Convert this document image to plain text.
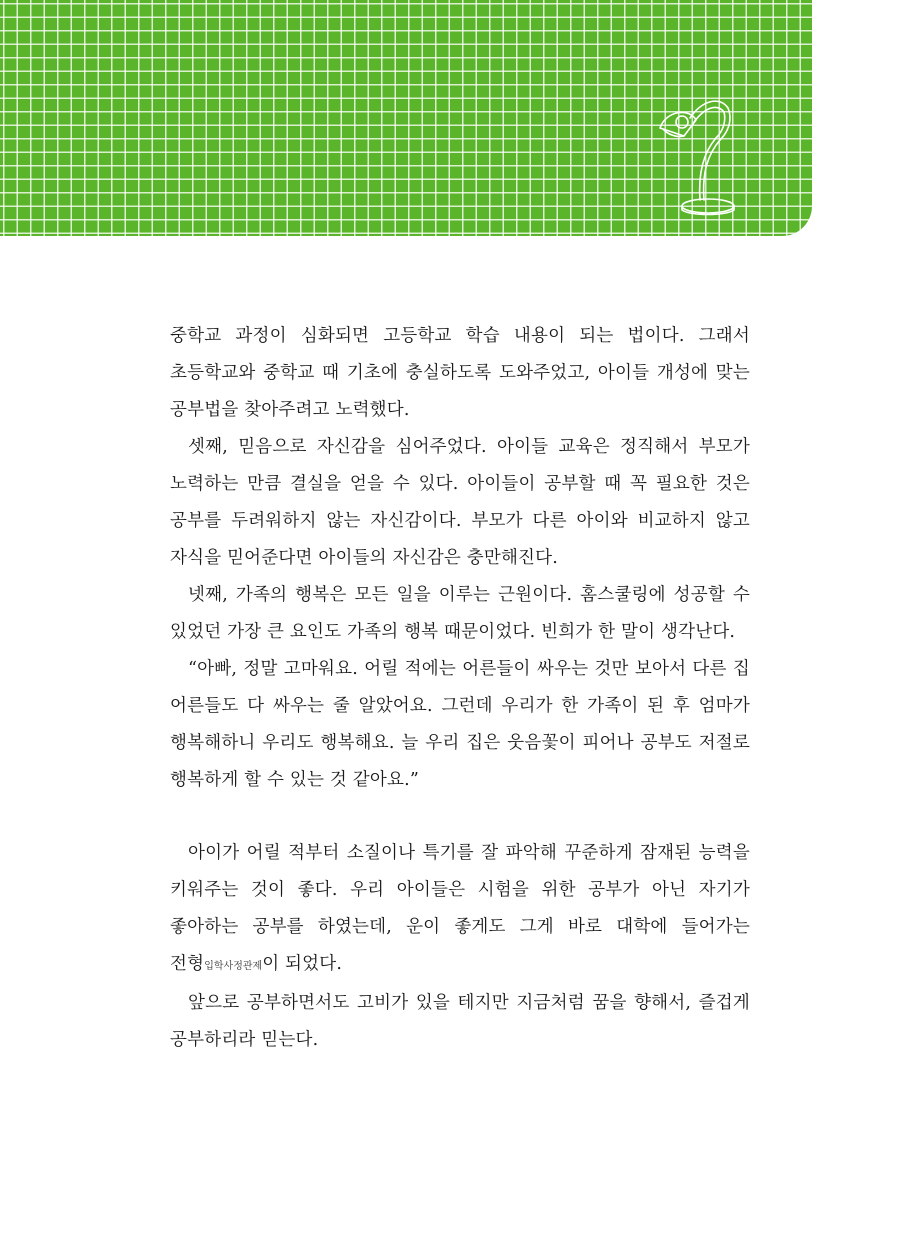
중학교 과정이 심화되면 고등학교 학습 내용이 되는 법이다. 그래서 초등학교와 중학교 때 기초에 충실하도록 도와주었고, 아이들 개성에 맞는 공부법을 찾아주려고 노력했다.

셋째, 믿음으로 자신감을 심어주었다. 아이들 교육은 정직해서 부모가 노력하는 만큼 결실을 얻을 수 있다. 아이들이 공부할 때 꼭 필요한 것은 공부를 두려워하지 않는 자신감이다. 부모가 다른 아이와 비교하지 않고 자식을 믿어준다면 아이들의 자신감은 충만해진다.

넷째, 가족의 행복은 모든 일을 이루는 근원이다. 홈스쿨링에 성공할 수 있었던 가장 큰 요인도 가족의 행복 때문이었다. 빈희가 한 말이 생각난다.

“아빠, 정말 고마워요. 어릴 적에는 어른들이 싸우는 것만 보아서 다른 집 어른들도 다 싸우는 줄 알았어요. 그런데 우리가 한 가족이 된 후 엄마가 행복해하니 우리도 행복해요. 늘 우리 집은 웃음꽃이 피어나 공부도 저절로 행복하게 할 수 있는 것 같아요.”

아이가 어릴 적부터 소질이나 특기를 잘 파악해 꾸준하게 잠재된 능력을 키워주는 것이 좋다. 우리 아이들은 시험을 위한 공부가 아닌 자기가 좋아하는 공부를 하였는데, 운이 좋게도 그게 바로 대학에 들어가는 전형입학사정관제이 되었다.

앞으로 공부하면서도 고비가 있을 테지만 지금처럼 꿈을 향해서, 즐겁게 공부하리라 믿는다.
